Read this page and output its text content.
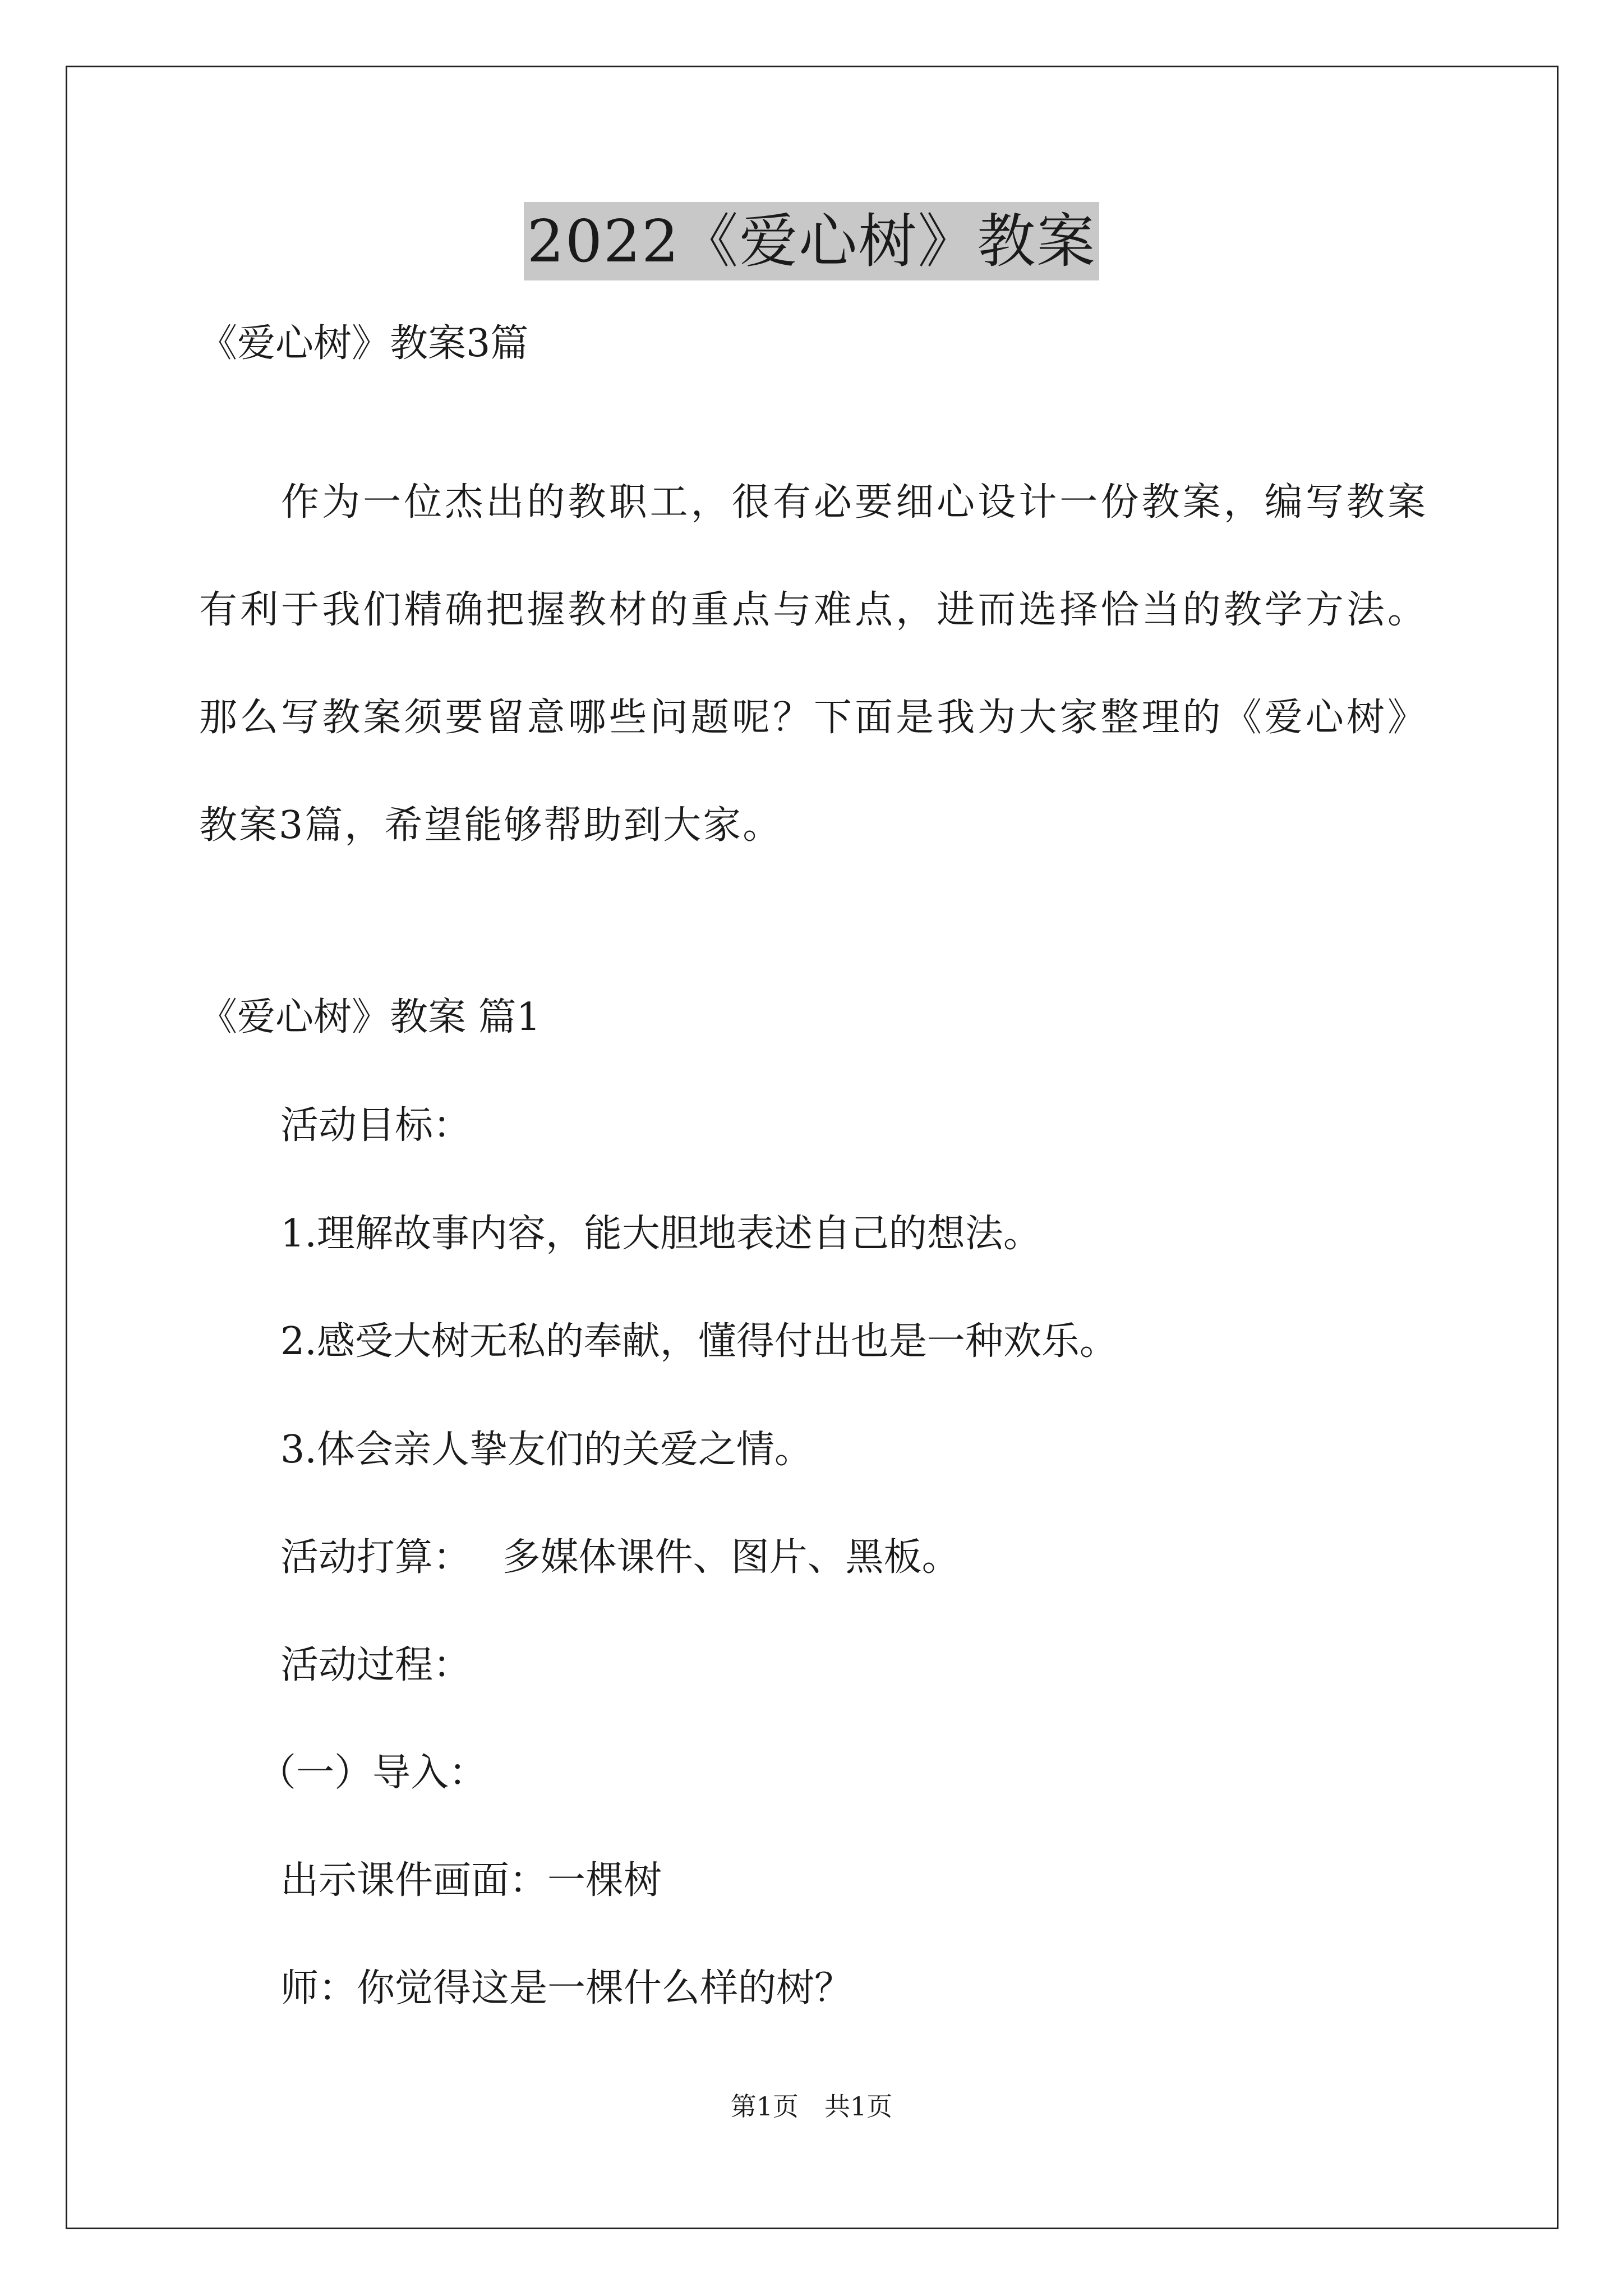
2022《爱心树》教案
《爱心树》教案3篇
作为一位杰出的教职工，很有必要细心设计一份教案，编写教案有利于我们精确把握教材的重点与难点，进而选择恰当的教学方法。那么写教案须要留意哪些问题呢？下面是我为大家整理的《爱心树》教案3篇，希望能够帮助到大家。
《爱心树》教案 篇1
活动目标：
1.理解故事内容，能大胆地表述自己的想法。
2.感受大树无私的奉献，懂得付出也是一种欢乐。
3.体会亲人挚友们的关爱之情。
活动打算：　 多媒体课件、图片、黑板。
活动过程：
（一）导入：
出示课件画面：一棵树
师：你觉得这是一棵什么样的树？
第1页　共1页
